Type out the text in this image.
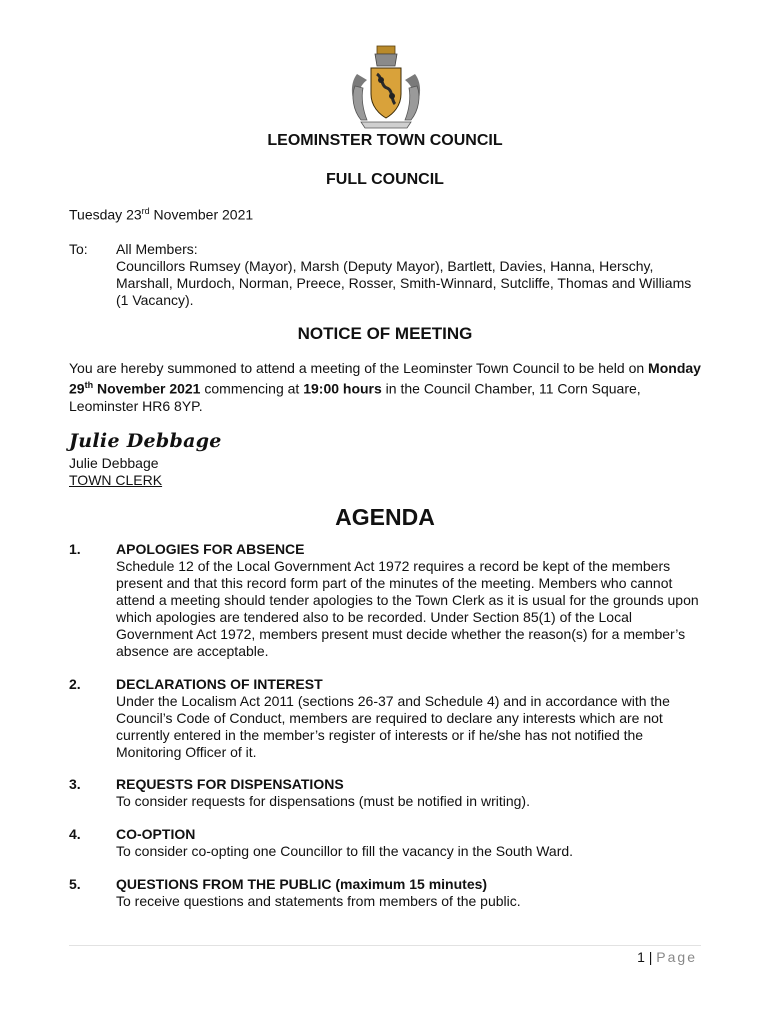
LEOMINSTER TOWN COUNCIL
FULL COUNCIL
Tuesday 23rd November 2021
To: All Members:
Councillors Rumsey (Mayor), Marsh (Deputy Mayor), Bartlett, Davies, Hanna, Herschy, Marshall, Murdoch, Norman, Preece, Rosser, Smith-Winnard, Sutcliffe, Thomas and Williams (1 Vacancy).
NOTICE OF MEETING
You are hereby summoned to attend a meeting of the Leominster Town Council to be held on Monday 29th November 2021 commencing at 19:00 hours in the Council Chamber, 11 Corn Square, Leominster HR6 8YP.
Julie Debbage
Julie Debbage
TOWN CLERK
AGENDA
1.	APOLOGIES FOR ABSENCE
Schedule 12 of the Local Government Act 1972 requires a record be kept of the members present and that this record form part of the minutes of the meeting. Members who cannot attend a meeting should tender apologies to the Town Clerk as it is usual for the grounds upon which apologies are tendered also to be recorded. Under Section 85(1) of the Local Government Act 1972, members present must decide whether the reason(s) for a member’s absence are acceptable.
2.	DECLARATIONS OF INTEREST
Under the Localism Act 2011 (sections 26-37 and Schedule 4) and in accordance with the Council’s Code of Conduct, members are required to declare any interests which are not currently entered in the member’s register of interests or if he/she has not notified the Monitoring Officer of it.
3.	REQUESTS FOR DISPENSATIONS
To consider requests for dispensations (must be notified in writing).
4.	CO-OPTION
To consider co-opting one Councillor to fill the vacancy in the South Ward.
5.	QUESTIONS FROM THE PUBLIC (maximum 15 minutes)
To receive questions and statements from members of the public.
1 | Page
